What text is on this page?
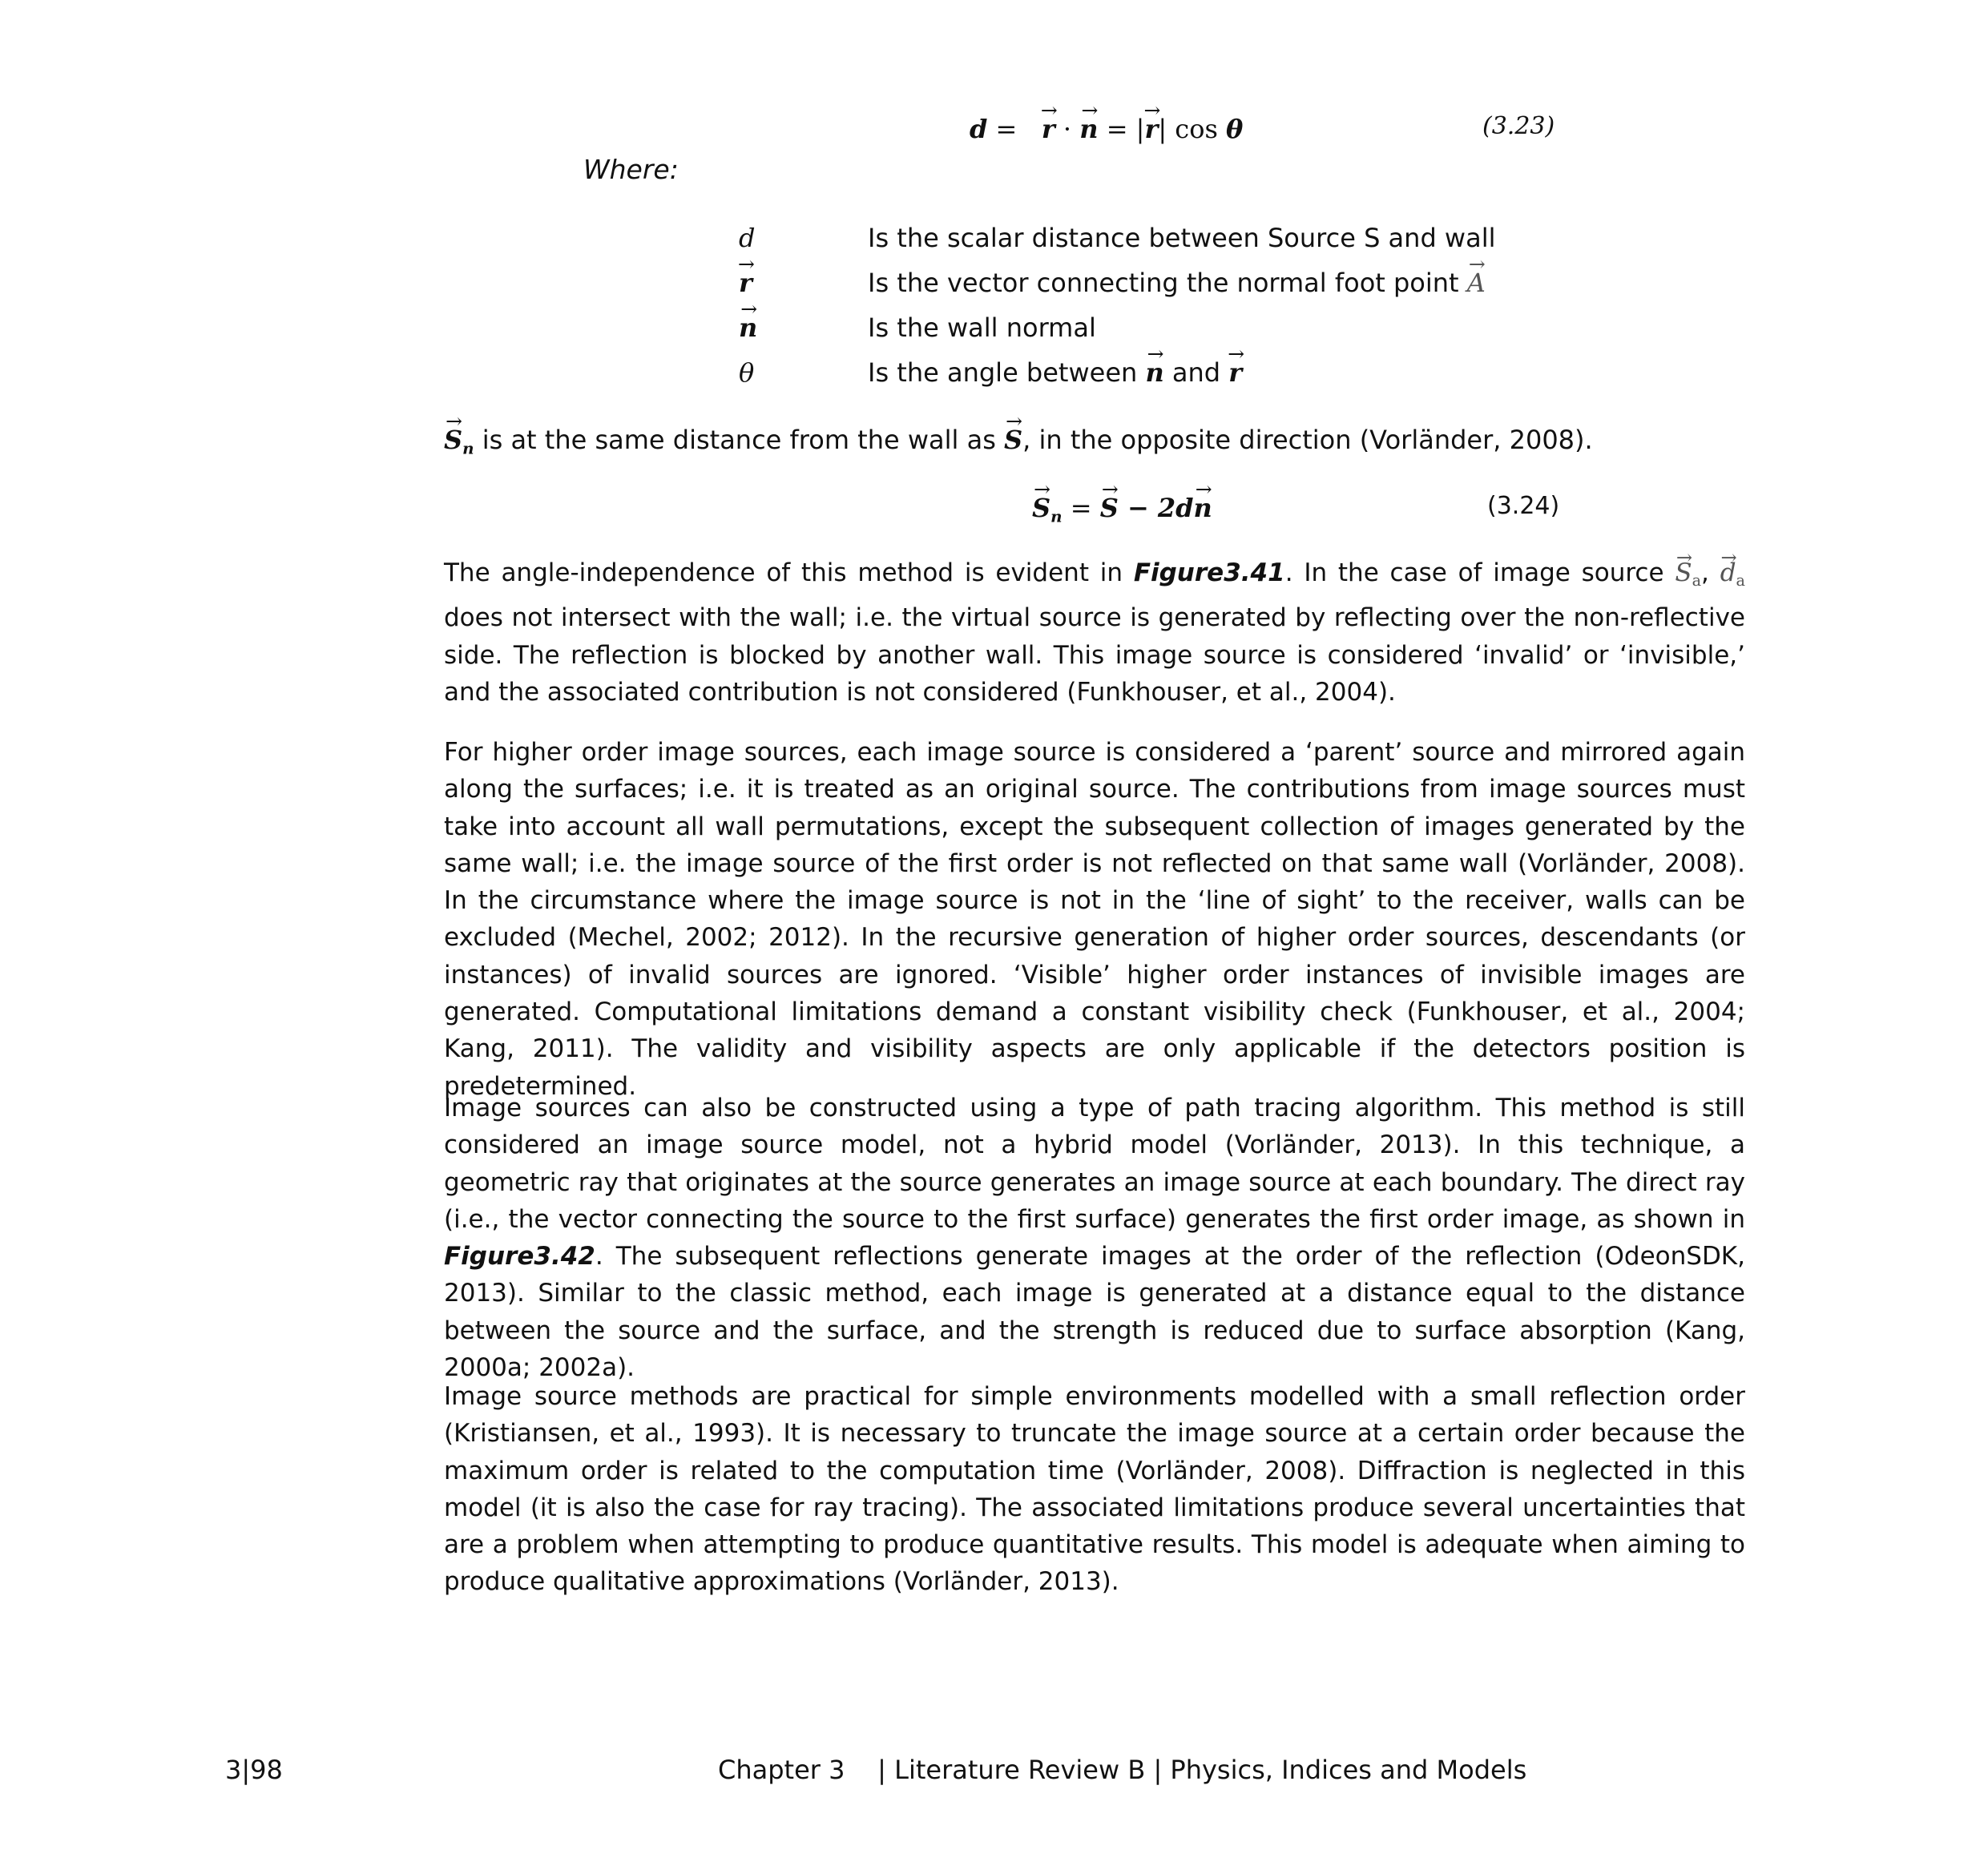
d =   → r · → n = |→ r| cos θ	(3.23)
Where:
d	Is the scalar distance between Source S and wall
→ r	Is the vector connecting the normal foot point → A
→ n	Is the wall normal
θ	Is the angle between → n and → r
→ $S_n$ is at the same distance from the wall as → S, in the opposite direction (Vorländer, 2008).
→ $S_n$ = → S − 2d→ n	(3.24)
The angle-independence of this method is evident in Figure3.41. In the case of image source → $S_a$, → $d_a$ does not intersect with the wall; i.e. the virtual source is generated by reflecting over the non-reflective side. The reflection is blocked by another wall. This image source is considered ‘invalid’ or ‘invisible,’ and the associated contribution is not considered (Funkhouser, et al., 2004).
For higher order image sources, each image source is considered a ‘parent’ source and mirrored again along the surfaces; i.e. it is treated as an original source. The contributions from image sources must take into account all wall permutations, except the subsequent collection of images generated by the same wall; i.e. the image source of the first order is not reflected on that same wall (Vorländer, 2008). In the circumstance where the image source is not in the ‘line of sight’ to the receiver, walls can be excluded (Mechel, 2002; 2012). In the recursive generation of higher order sources, descendants (or instances) of invalid sources are ignored. ‘Visible’ higher order instances of invisible images are generated. Computational limitations demand a constant visibility check (Funkhouser, et al., 2004; Kang, 2011). The validity and visibility aspects are only applicable if the detectors position is predetermined.
Image sources can also be constructed using a type of path tracing algorithm. This method is still considered an image source model, not a hybrid model (Vorländer, 2013). In this technique, a geometric ray that originates at the source generates an image source at each boundary. The direct ray (i.e., the vector connecting the source to the first surface) generates the first order image, as shown in Figure3.42. The subsequent reflections generate images at the order of the reflection (OdeonSDK, 2013). Similar to the classic method, each image is generated at a distance equal to the distance between the source and the surface, and the strength is reduced due to surface absorption (Kang, 2000a; 2002a).
Image source methods are practical for simple environments modelled with a small reflection order (Kristiansen, et al., 1993). It is necessary to truncate the image source at a certain order because the maximum order is related to the computation time (Vorländer, 2008). Diffraction is neglected in this model (it is also the case for ray tracing). The associated limitations produce several uncertainties that are a problem when attempting to produce quantitative results. This model is adequate when aiming to produce qualitative approximations (Vorländer, 2013).
3|98	Chapter 3 | Literature Review B | Physics, Indices and Models
